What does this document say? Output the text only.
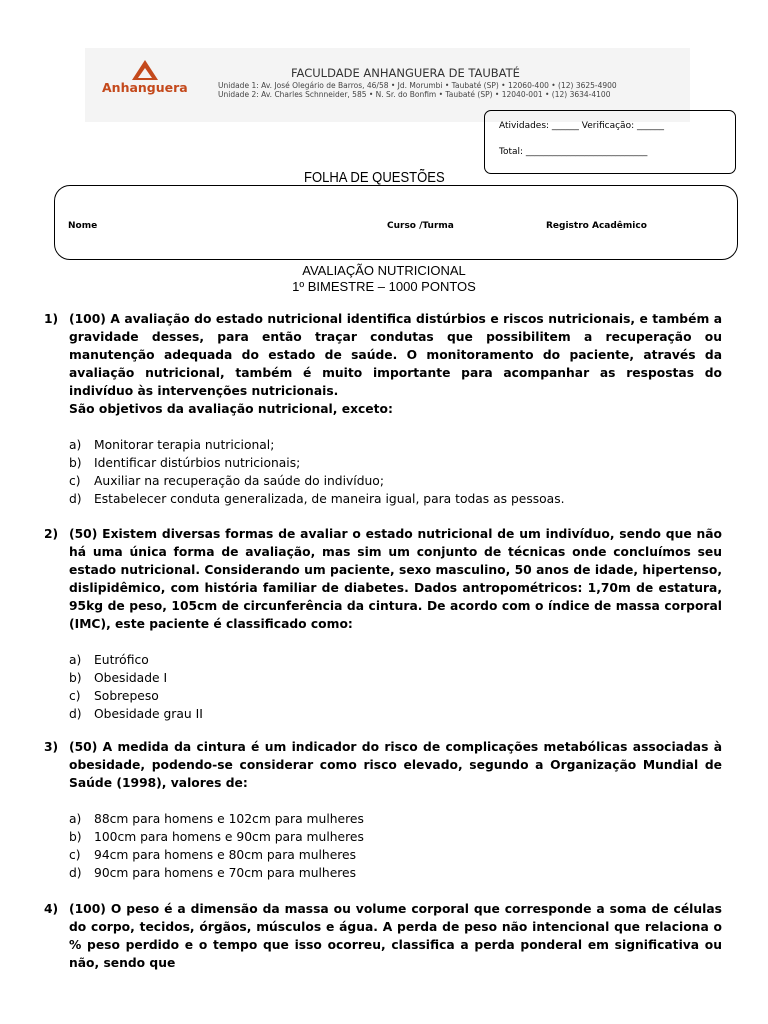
Anhanguera
FACULDADE ANHANGUERA DE TAUBATÉ
Unidade 1: Av. José Olegário de Barros, 46/58 • Jd. Morumbi • Taubaté (SP) • 12060-400 • (12) 3625-4900
Unidade 2: Av. Charles Schnneider, 585 • N. Sr. do Bonfim • Taubaté (SP) • 12040-001 • (12) 3634-4100
Atividades: ______ Verificação: ______
Total: ___________________________
FOLHA DE QUESTÕES
Nome	Curso /Turma	Registro Acadêmico
AVALIAÇÃO NUTRICIONAL
1º BIMESTRE – 1000 PONTOS
1) (100) A avaliação do estado nutricional identifica distúrbios e riscos nutricionais, e também a gravidade desses, para então traçar condutas que possibilitem a recuperação ou manutenção adequada do estado de saúde. O monitoramento do paciente, através da avaliação nutricional, também é muito importante para acompanhar as respostas do indivíduo às intervenções nutricionais.
São objetivos da avaliação nutricional, exceto:
a) Monitorar terapia nutricional;
b) Identificar distúrbios nutricionais;
c) Auxiliar na recuperação da saúde do indivíduo;
d) Estabelecer conduta generalizada, de maneira igual, para todas as pessoas.
2) (50) Existem diversas formas de avaliar o estado nutricional de um indivíduo, sendo que não há uma única forma de avaliação, mas sim um conjunto de técnicas onde concluímos seu estado nutricional. Considerando um paciente, sexo masculino, 50 anos de idade, hipertenso, dislipidêmico, com história familiar de diabetes. Dados antropométricos: 1,70m de estatura, 95kg de peso, 105cm de circunferência da cintura. De acordo com o índice de massa corporal (IMC), este paciente é classificado como:
a) Eutrófico
b) Obesidade I
c) Sobrepeso
d) Obesidade grau II
3) (50) A medida da cintura é um indicador do risco de complicações metabólicas associadas à obesidade, podendo-se considerar como risco elevado, segundo a Organização Mundial de Saúde (1998), valores de:
a) 88cm para homens e 102cm para mulheres
b) 100cm para homens e 90cm para mulheres
c) 94cm para homens e 80cm para mulheres
d) 90cm para homens e 70cm para mulheres
4) (100) O peso é a dimensão da massa ou volume corporal que corresponde a soma de células do corpo, tecidos, órgãos, músculos e água. A perda de peso não intencional que relaciona o % peso perdido e o tempo que isso ocorreu, classifica a perda ponderal em significativa ou não, sendo que
